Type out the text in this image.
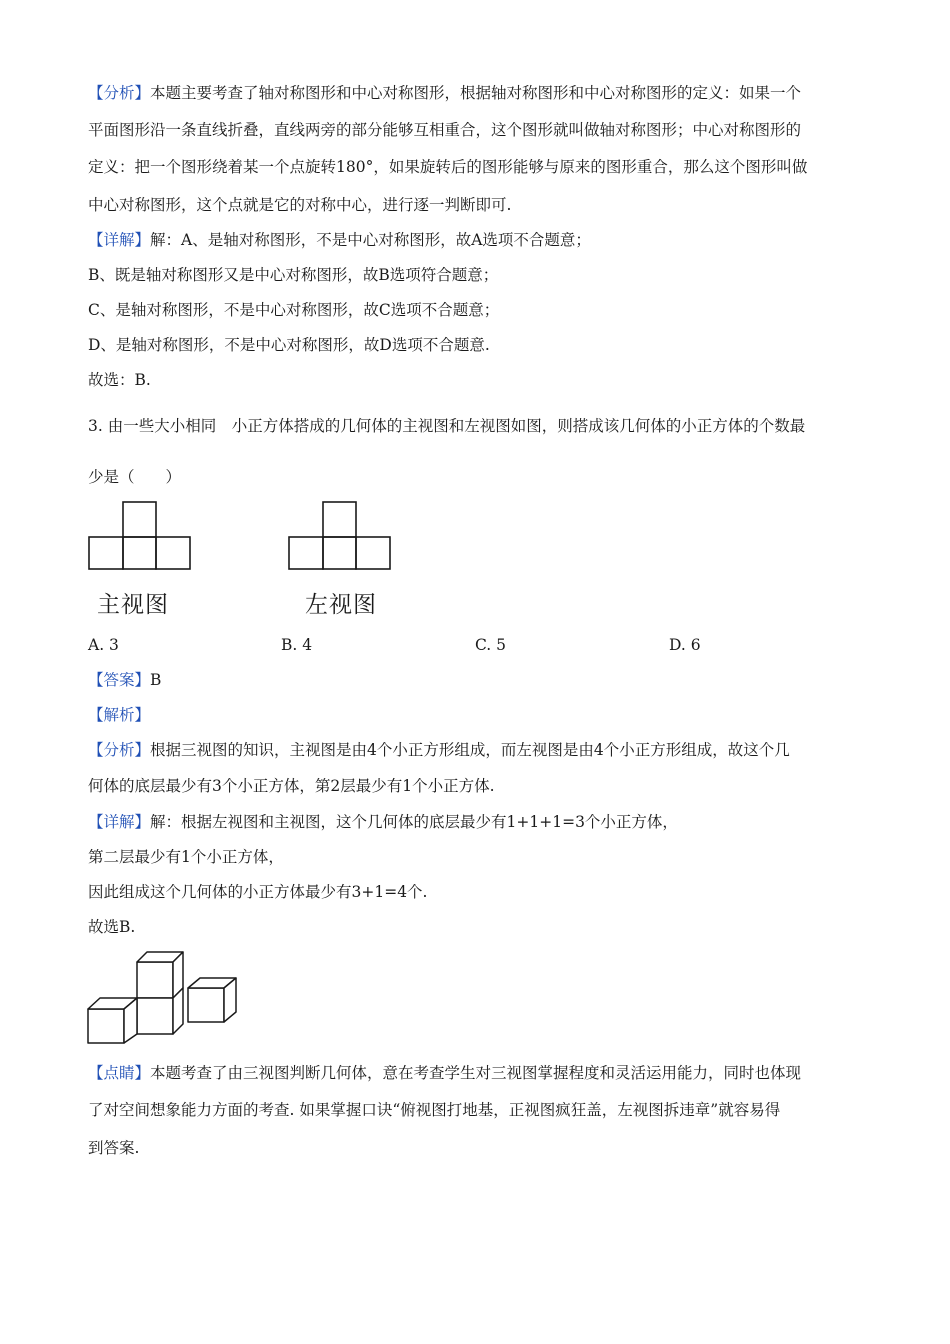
【分析】本题主要考查了轴对称图形和中心对称图形，根据轴对称图形和中心对称图形的定义：如果一个
平面图形沿一条直线折叠，直线两旁的部分能够互相重合，这个图形就叫做轴对称图形；中心对称图形的
定义：把一个图形绕着某一个点旋转180°，如果旋转后的图形能够与原来的图形重合，那么这个图形叫做
中心对称图形，这个点就是它的对称中心，进行逐一判断即可.
【详解】解：A、是轴对称图形，不是中心对称图形，故A选项不合题意；
B、既是轴对称图形又是中心对称图形，故B选项符合题意；
C、是轴对称图形，不是中心对称图形，故C选项不合题意；
D、是轴对称图形，不是中心对称图形，故D选项不合题意.
故选：B.
3. 由一些大小相同　小正方体搭成的几何体的主视图和左视图如图，则搭成该几何体的小正方体的个数最
少是（　　）
主视图	左视图
A. 3	B. 4	C. 5	D. 6
【答案】B
【解析】
【分析】根据三视图的知识，主视图是由4个小正方形组成，而左视图是由4个小正方形组成，故这个几
何体的底层最少有3个小正方体，第2层最少有1个小正方体.
【详解】解：根据左视图和主视图，这个几何体的底层最少有1+1+1=3个小正方体，
第二层最少有1个小正方体，
因此组成这个几何体的小正方体最少有3+1=4个.
故选B.
【点睛】本题考查了由三视图判断几何体，意在考查学生对三视图掌握程度和灵活运用能力，同时也体现
了对空间想象能力方面的考查. 如果掌握口诀“俯视图打地基，正视图疯狂盖，左视图拆违章”就容易得
到答案.
